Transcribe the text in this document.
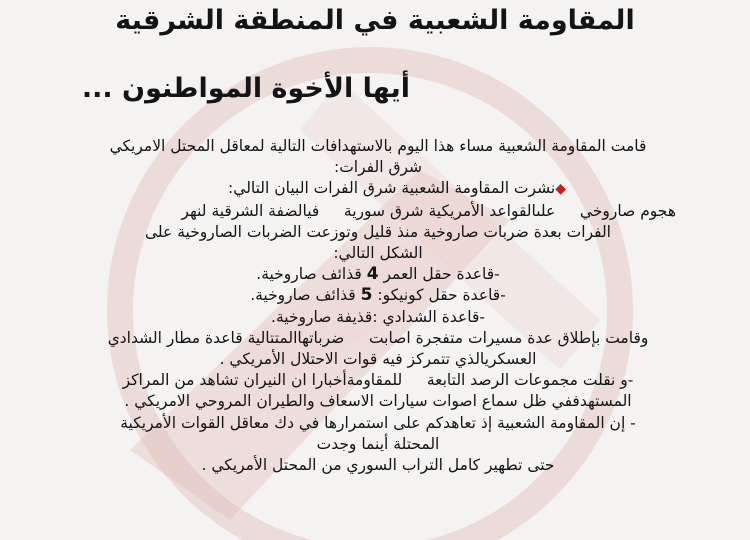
المقاومة الشعبية في المنطقة الشرقية
أيها الأخوة المواطنون ...

قامت المقاومة الشعبية مساء هذا اليوم بالاستهدافات التالية لمعاقل المحتل الامريكي

شرق الفرات:

◆نشرت المقاومة الشعبية شرق الفرات البيان التالي:

هجوم صاروخي     علىالقواعد الأمريكية شرق سورية     فيالضفة الشرقية لنهر

الفرات بعدة ضربات صاروخية منذ قليل وتوزعت الضربات الصاروخية على

الشكل التالي:

-قاعدة حقل العمر 4 قذائف صاروخية.

-قاعدة حقل كونيكو: 5 قذائف صاروخية.

-قاعدة الشدادي :قذيفة صاروخية.

وقامت بإطلاق عدة مسيرات متفجرة اصابت     ضرباتهاالمتتالية قاعدة مطار الشدادي

العسكريالذي تتمركز فيه قوات الاحتلال الأمريكي .

-و نقلت مجموعات الرصد التابعة     للمقاومةأخبارا ان النيران تشاهد من المراكز

المستهدففي ظل سماع اصوات سيارات الاسعاف والطيران المروحي الامريكي .

- إن المقاومة الشعبية إذ تعاهدكم على استمرارها في دك معاقل القوات الأمريكية

المحتلة أينما وجدت

حتى تطهير كامل التراب السوري من المحتل الأمريكي .
